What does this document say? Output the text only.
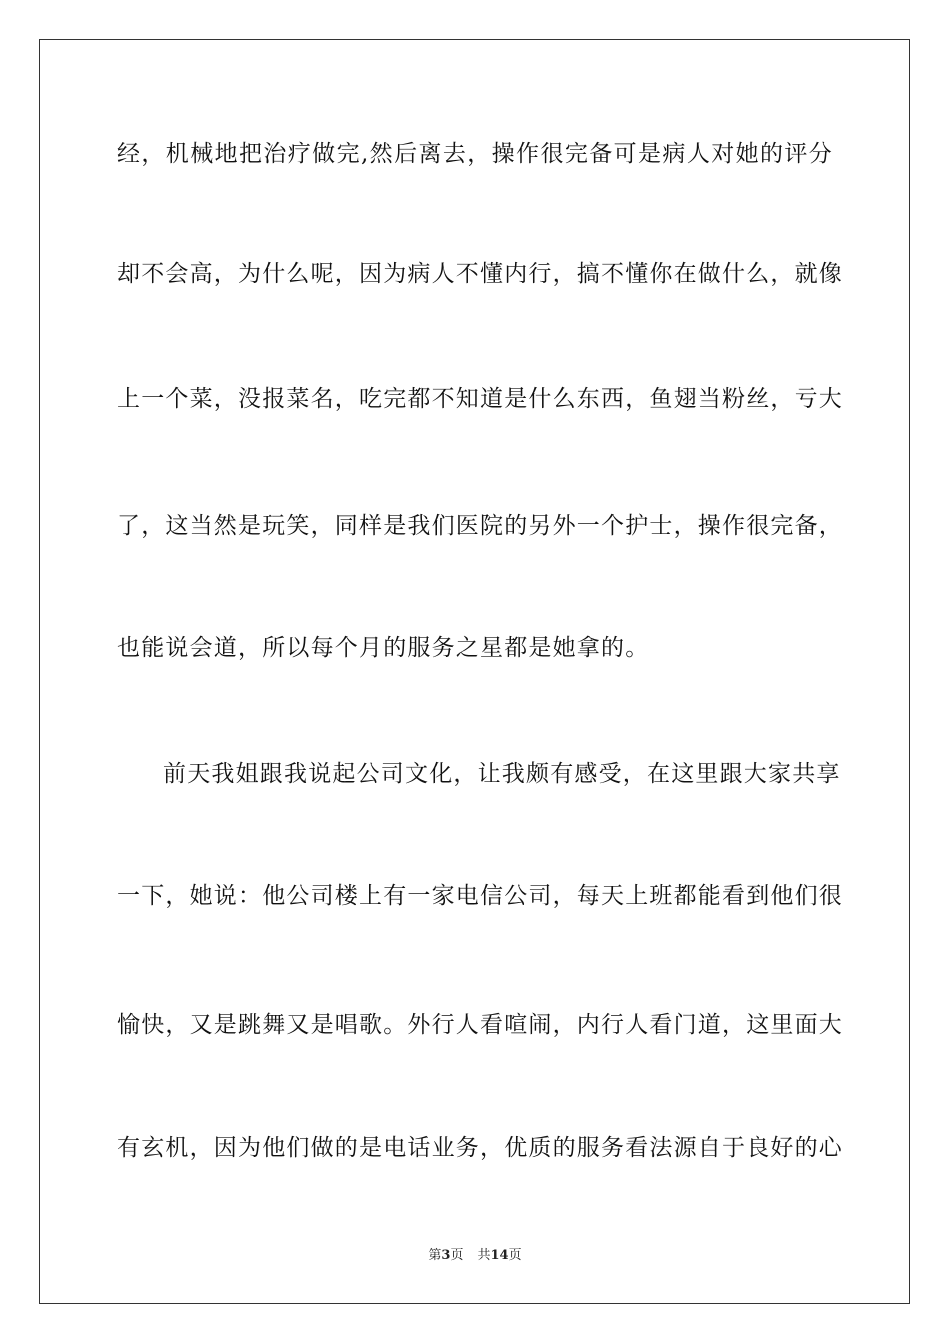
经，机械地把治疗做完,然后离去，操作很完备可是病人对她的评分
却不会高，为什么呢，因为病人不懂内行，搞不懂你在做什么，就像
上一个菜，没报菜名，吃完都不知道是什么东西，鱼翅当粉丝，亏大
了，这当然是玩笑，同样是我们医院的另外一个护士，操作很完备，
也能说会道，所以每个月的服务之星都是她拿的。
前天我姐跟我说起公司文化，让我颇有感受，在这里跟大家共享
一下，她说：他公司楼上有一家电信公司，每天上班都能看到他们很
愉快，又是跳舞又是唱歌。外行人看喧闹，内行人看门道，这里面大
有玄机，因为他们做的是电话业务，优质的服务看法源自于良好的心
第3页 共14页
